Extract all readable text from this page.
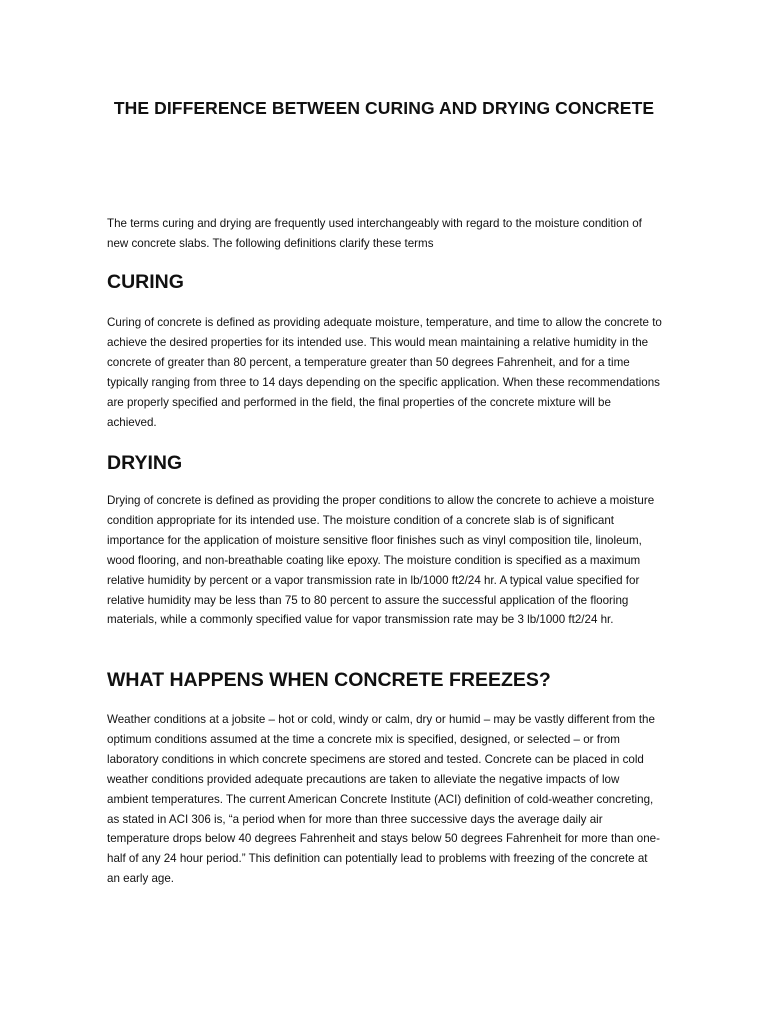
THE DIFFERENCE BETWEEN CURING AND DRYING CONCRETE

The terms curing and drying are frequently used interchangeably with regard to the moisture condition of new concrete slabs. The following definitions clarify these terms

CURING

Curing of concrete is defined as providing adequate moisture, temperature, and time to allow the concrete to achieve the desired properties for its intended use. This would mean maintaining a relative humidity in the concrete of greater than 80 percent, a temperature greater than 50 degrees Fahrenheit, and for a time typically ranging from three to 14 days depending on the specific application. When these recommendations are properly specified and performed in the field, the final properties of the concrete mixture will be achieved.

DRYING

Drying of concrete is defined as providing the proper conditions to allow the concrete to achieve a moisture condition appropriate for its intended use. The moisture condition of a concrete slab is of significant importance for the application of moisture sensitive floor finishes such as vinyl composition tile, linoleum, wood flooring, and non-breathable coating like epoxy. The moisture condition is specified as a maximum relative humidity by percent or a vapor transmission rate in lb/1000 ft2/24 hr. A typical value specified for relative humidity may be less than 75 to 80 percent to assure the successful application of the flooring materials, while a commonly specified value for vapor transmission rate may be 3 lb/1000 ft2/24 hr.

WHAT HAPPENS WHEN CONCRETE FREEZES?

Weather conditions at a jobsite – hot or cold, windy or calm, dry or humid – may be vastly different from the optimum conditions assumed at the time a concrete mix is specified, designed, or selected – or from laboratory conditions in which concrete specimens are stored and tested. Concrete can be placed in cold weather conditions provided adequate precautions are taken to alleviate the negative impacts of low ambient temperatures. The current American Concrete Institute (ACI) definition of cold-weather concreting, as stated in ACI 306 is, “a period when for more than three successive days the average daily air temperature drops below 40 degrees Fahrenheit and stays below 50 degrees Fahrenheit for more than one-half of any 24 hour period.” This definition can potentially lead to problems with freezing of the concrete at an early age.
